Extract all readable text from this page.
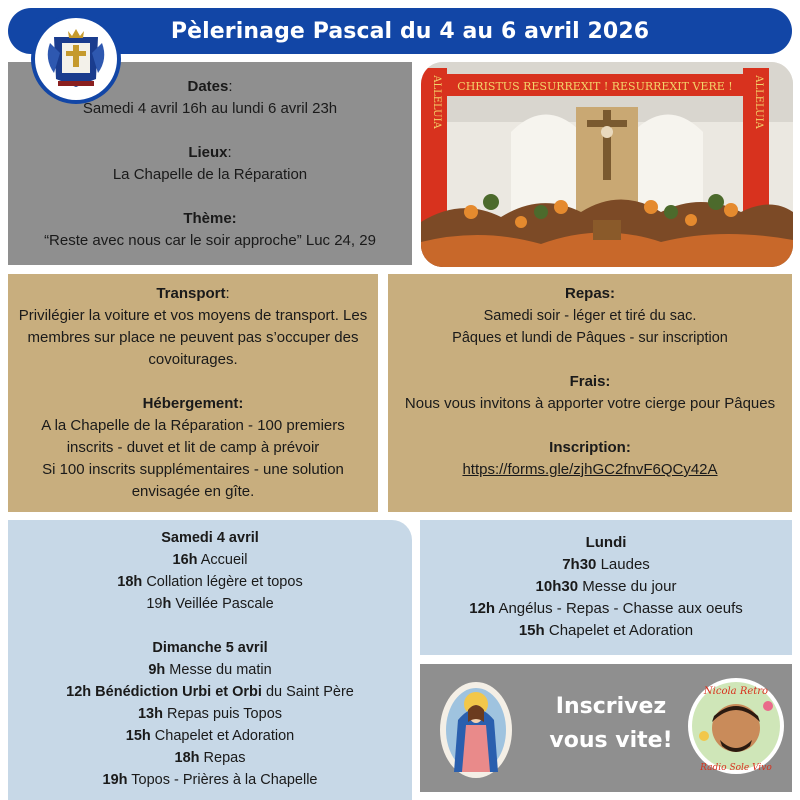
Pèlerinage Pascal du 4 au 6 avril 2026
Dates:
Samedi 4 avril 16h au lundi 6 avril 23h
Lieux:
La Chapelle de la Réparation
Thème:
“Reste avec nous car le soir approche” Luc 24, 29
CHRISTUS RESURREXIT ! RESURREXIT VERE !
ALLELUIA	ALLELUIA
Transport:
Privilégier la voiture et vos moyens de transport. Les membres sur place ne peuvent pas s’occuper des covoiturages.
Hébergement:
A la Chapelle de la Réparation - 100 premiers inscrits - duvet et lit de camp à prévoir
Si 100 inscrits supplémentaires - une solution envisagée en gîte.
Repas:
Samedi soir - léger et tiré du sac.
Pâques et lundi de Pâques - sur inscription
Frais:
Nous vous invitons à apporter votre cierge pour Pâques
Inscription:
https://forms.gle/zjhGC2fnvF6QCy42A
Samedi 4 avril
16h Accueil
18h Collation légère et topos
19h Veillée Pascale
Dimanche 5 avril
9h Messe du matin
12h Bénédiction Urbi et Orbi du Saint Père
13h Repas puis Topos
15h Chapelet et Adoration
18h Repas
19h Topos - Prières à la Chapelle
Lundi
7h30 Laudes
10h30 Messe du jour
12h Angélus - Repas - Chasse aux oeufs
15h Chapelet et Adoration
Inscrivez
vous vite!
Nicola Retro
Radio Sole Vivo
